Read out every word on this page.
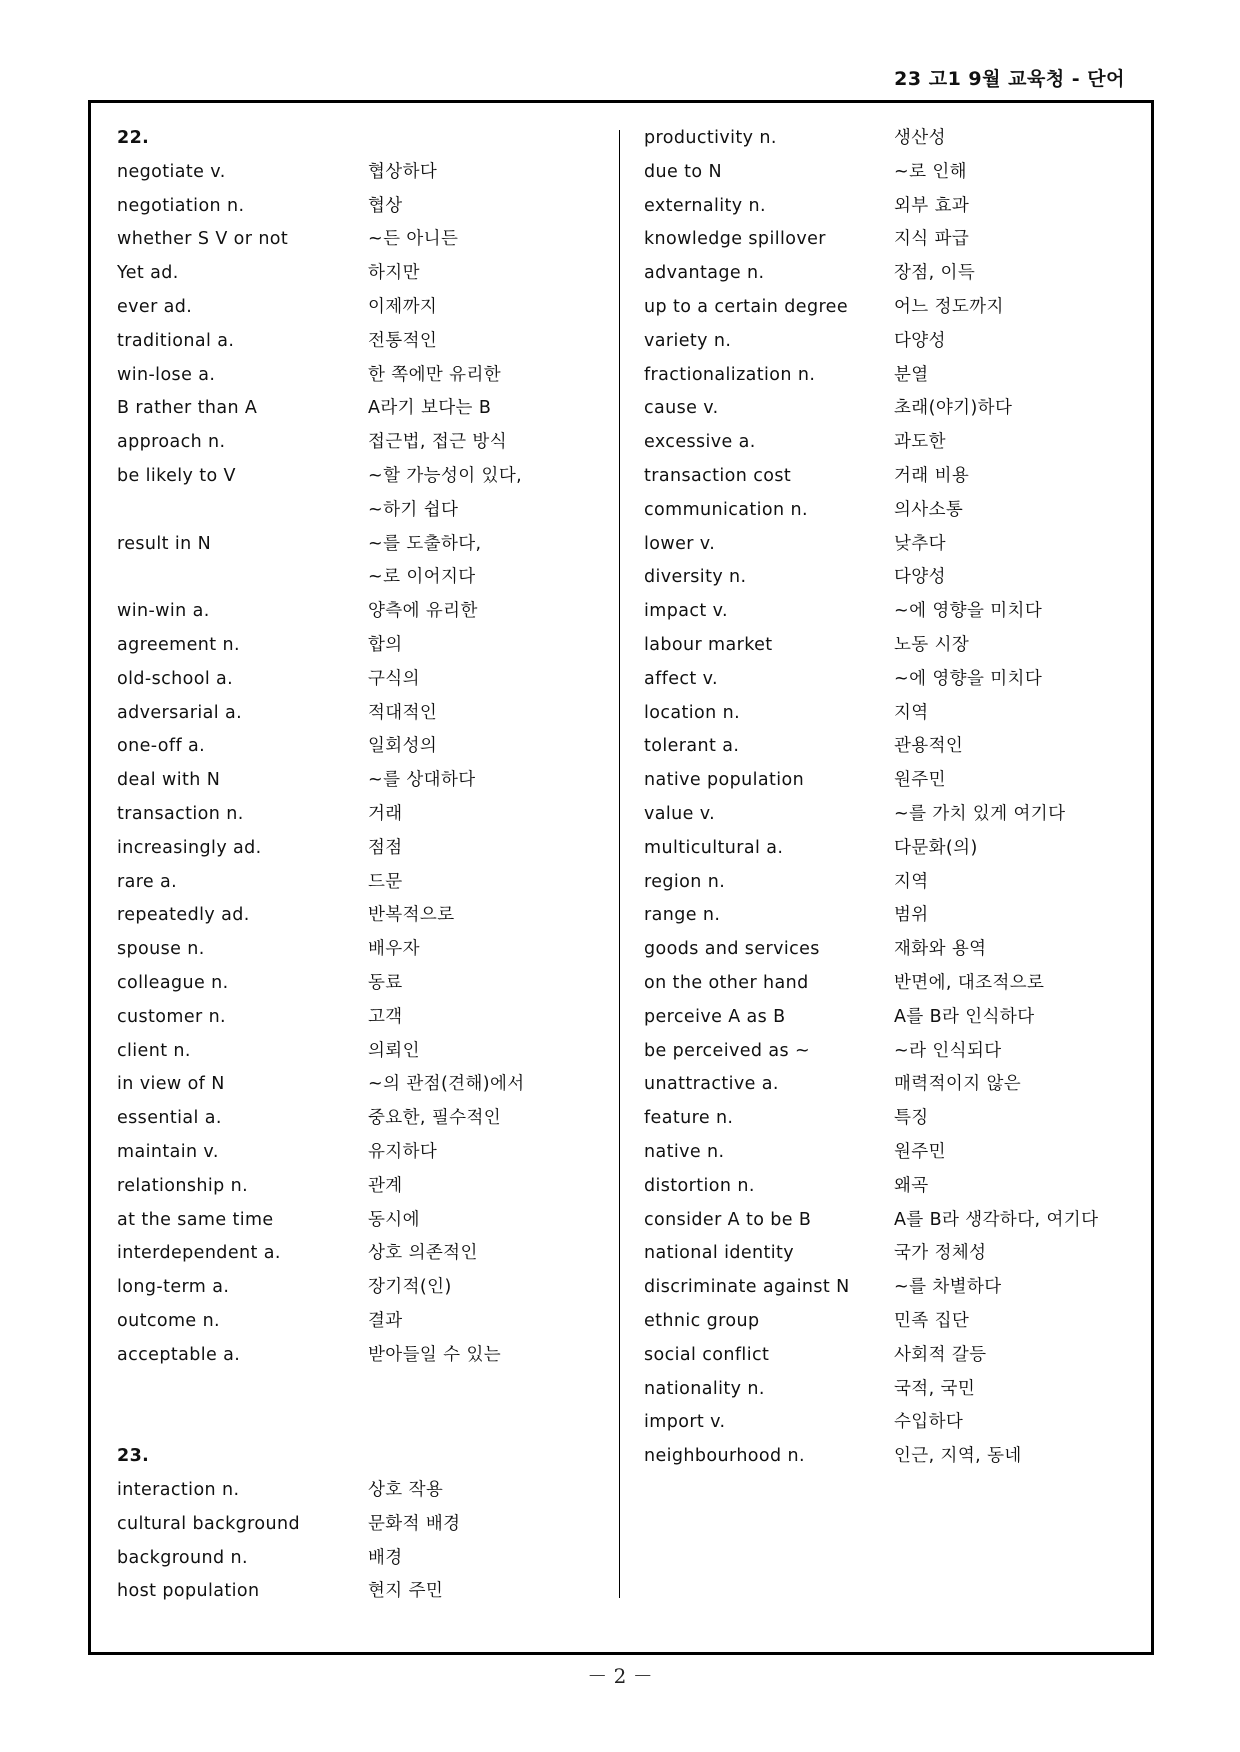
23 고1 9월 교육청 - 단어
22.
negotiate v.	협상하다
negotiation n.	협상
whether S V or not	~든 아니든
Yet ad.	하지만
ever ad.	이제까지
traditional a.	전통적인
win-lose a.	한 쪽에만 유리한
B rather than A	A라기 보다는 B
approach n.	접근법, 접근 방식
be likely to V	~할 가능성이 있다,
~하기 쉽다
result in N	~를 도출하다,
~로 이어지다
win-win a.	양측에 유리한
agreement n.	합의
old-school a.	구식의
adversarial a.	적대적인
one-off a.	일회성의
deal with N	~를 상대하다
transaction n.	거래
increasingly ad.	점점
rare a.	드문
repeatedly ad.	반복적으로
spouse n.	배우자
colleague n.	동료
customer n.	고객
client n.	의뢰인
in view of N	~의 관점(견해)에서
essential a.	중요한, 필수적인
maintain v.	유지하다
relationship n.	관계
at the same time	동시에
interdependent a.	상호 의존적인
long-term a.	장기적(인)
outcome n.	결과
acceptable a.	받아들일 수 있는
23.
interaction n.	상호 작용
cultural background	문화적 배경
background n.	배경
host population	현지 주민
productivity n.	생산성
due to N	~로 인해
externality n.	외부 효과
knowledge spillover	지식 파급
advantage n.	장점, 이득
up to a certain degree	어느 정도까지
variety n.	다양성
fractionalization n.	분열
cause v.	초래(야기)하다
excessive a.	과도한
transaction cost	거래 비용
communication n.	의사소통
lower v.	낮추다
diversity n.	다양성
impact v.	~에 영향을 미치다
labour market	노동 시장
affect v.	~에 영향을 미치다
location n.	지역
tolerant a.	관용적인
native population	원주민
value v.	~를 가치 있게 여기다
multicultural a.	다문화(의)
region n.	지역
range n.	범위
goods and services	재화와 용역
on the other hand	반면에, 대조적으로
perceive A as B	A를 B라 인식하다
be perceived as ~	~라 인식되다
unattractive a.	매력적이지 않은
feature n.	특징
native n.	원주민
distortion n.	왜곡
consider A to be B	A를 B라 생각하다, 여기다
national identity	국가 정체성
discriminate against N	~를 차별하다
ethnic group	민족 집단
social conflict	사회적 갈등
nationality n.	국적, 국민
import v.	수입하다
neighbourhood n.	인근, 지역, 동네
－ 2 －
